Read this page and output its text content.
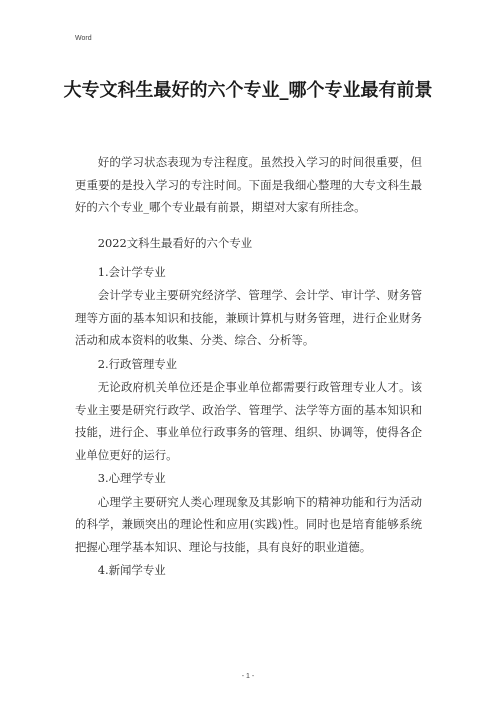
Word
大专文科生最好的六个专业_哪个专业最有前景

好的学习状态表现为专注程度。虽然投入学习的时间很重要，但更重要的是投入学习的专注时间。下面是我细心整理的大专文科生最好的六个专业_哪个专业最有前景，期望对大家有所挂念。

2022文科生最看好的六个专业

1.会计学专业

会计学专业主要研究经济学、管理学、会计学、审计学、财务管理等方面的基本知识和技能，兼顾计算机与财务管理，进行企业财务活动和成本资料的收集、分类、综合、分析等。

2.行政管理专业

无论政府机关单位还是企事业单位都需要行政管理专业人才。该专业主要是研究行政学、政治学、管理学、法学等方面的基本知识和技能，进行企、事业单位行政事务的管理、组织、协调等，使得各企业单位更好的运行。

3.心理学专业

心理学主要研究人类心理现象及其影响下的精神功能和行为活动的科学，兼顾突出的理论性和应用(实践)性。同时也是培育能够系统把握心理学基本知识、理论与技能，具有良好的职业道德。

4.新闻学专业

- 1 -
